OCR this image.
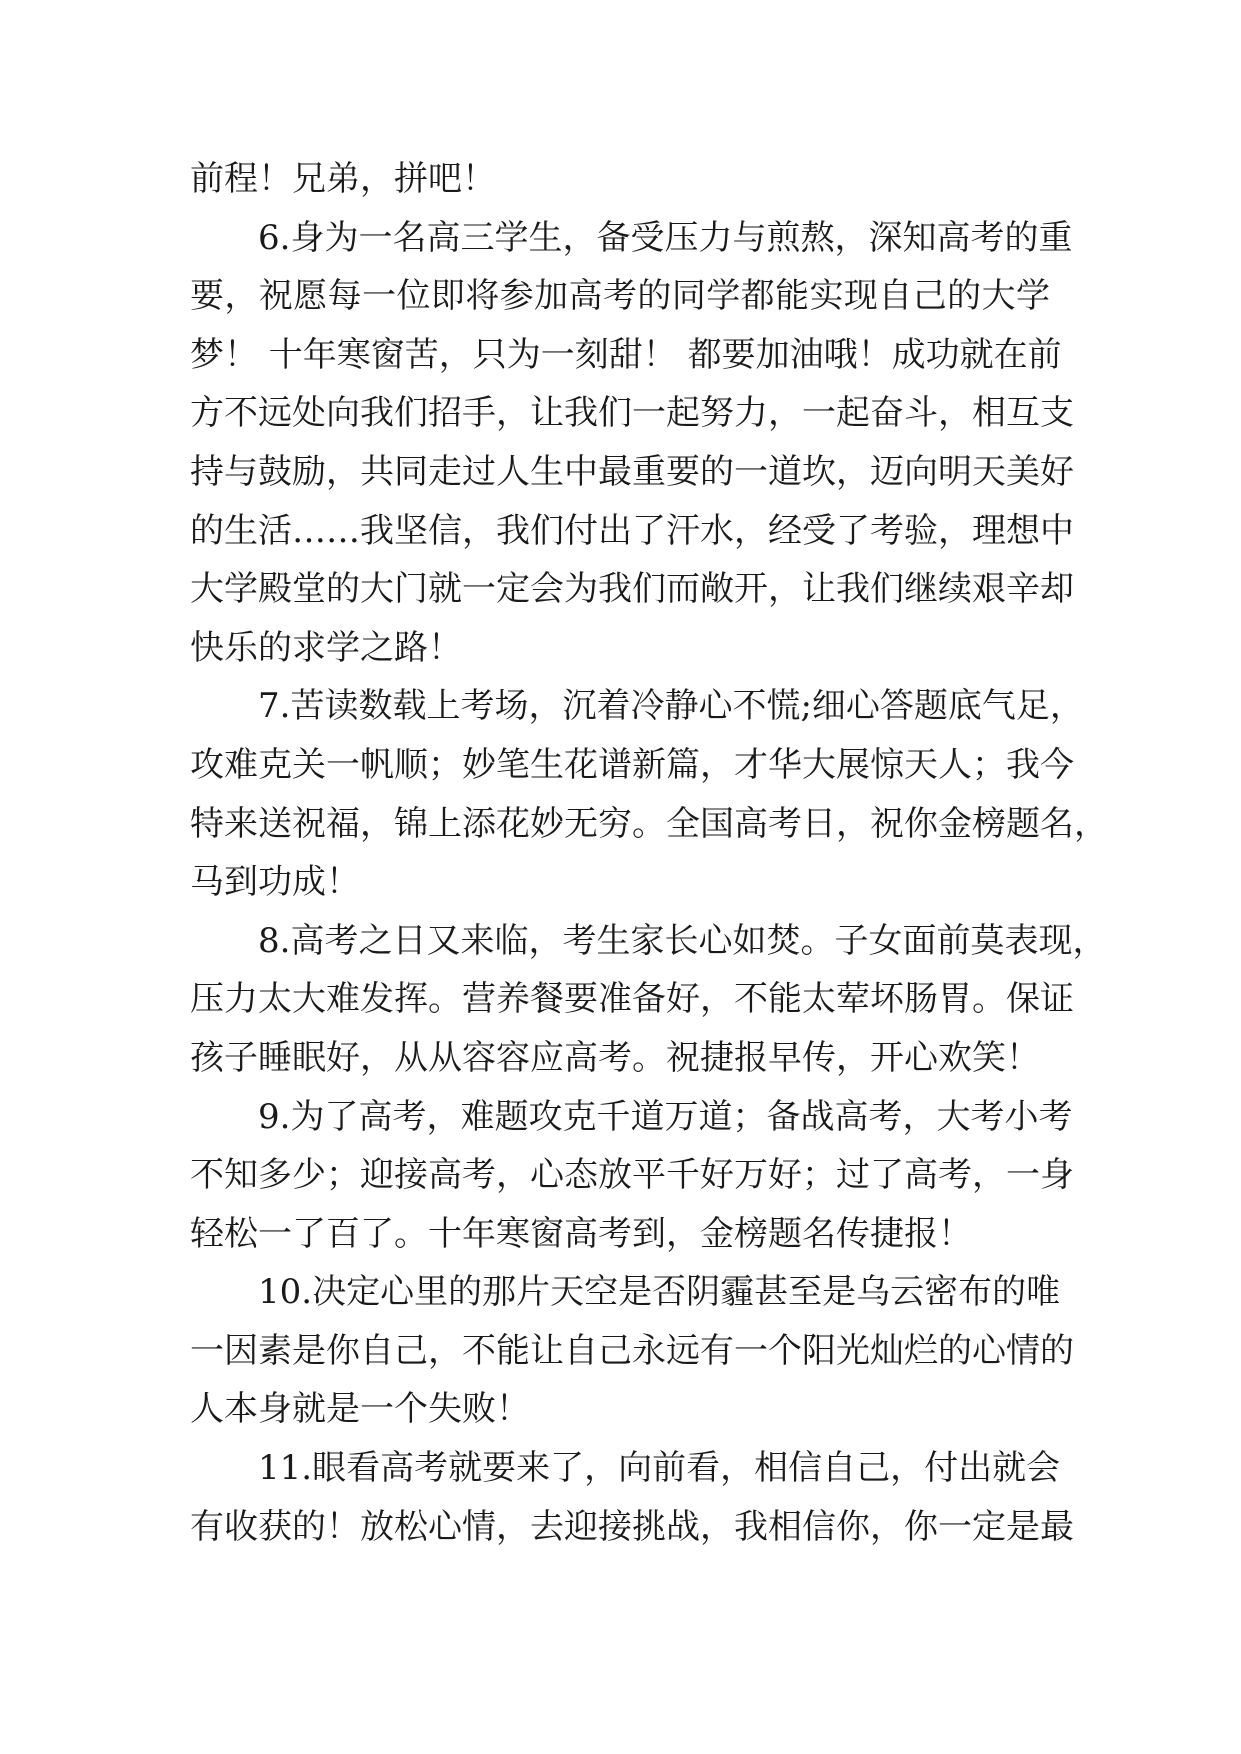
前程！兄弟，拼吧！
6.身为一名高三学生，备受压力与煎熬，深知高考的重
要，祝愿每一位即将参加高考的同学都能实现自己的大学
梦！ 十年寒窗苦，只为一刻甜！ 都要加油哦！成功就在前
方不远处向我们招手，让我们一起努力，一起奋斗，相互支
持与鼓励，共同走过人生中最重要的一道坎，迈向明天美好
的生活……我坚信，我们付出了汗水，经受了考验，理想中
大学殿堂的大门就一定会为我们而敞开，让我们继续艰辛却
快乐的求学之路！
7.苦读数载上考场，沉着冷静心不慌;细心答题底气足，
攻难克关一帆顺；妙笔生花谱新篇，才华大展惊天人；我今
特来送祝福，锦上添花妙无穷。全国高考日，祝你金榜题名，
马到功成！
8.高考之日又来临，考生家长心如焚。子女面前莫表现，
压力太大难发挥。营养餐要准备好，不能太荤坏肠胃。保证
孩子睡眠好，从从容容应高考。祝捷报早传，开心欢笑！
9.为了高考，难题攻克千道万道；备战高考，大考小考
不知多少；迎接高考，心态放平千好万好；过了高考，一身
轻松一了百了。十年寒窗高考到，金榜题名传捷报！
10.决定心里的那片天空是否阴霾甚至是乌云密布的唯
一因素是你自己，不能让自己永远有一个阳光灿烂的心情的
人本身就是一个失败！
11.眼看高考就要来了，向前看，相信自己，付出就会
有收获的！放松心情，去迎接挑战，我相信你，你一定是最
